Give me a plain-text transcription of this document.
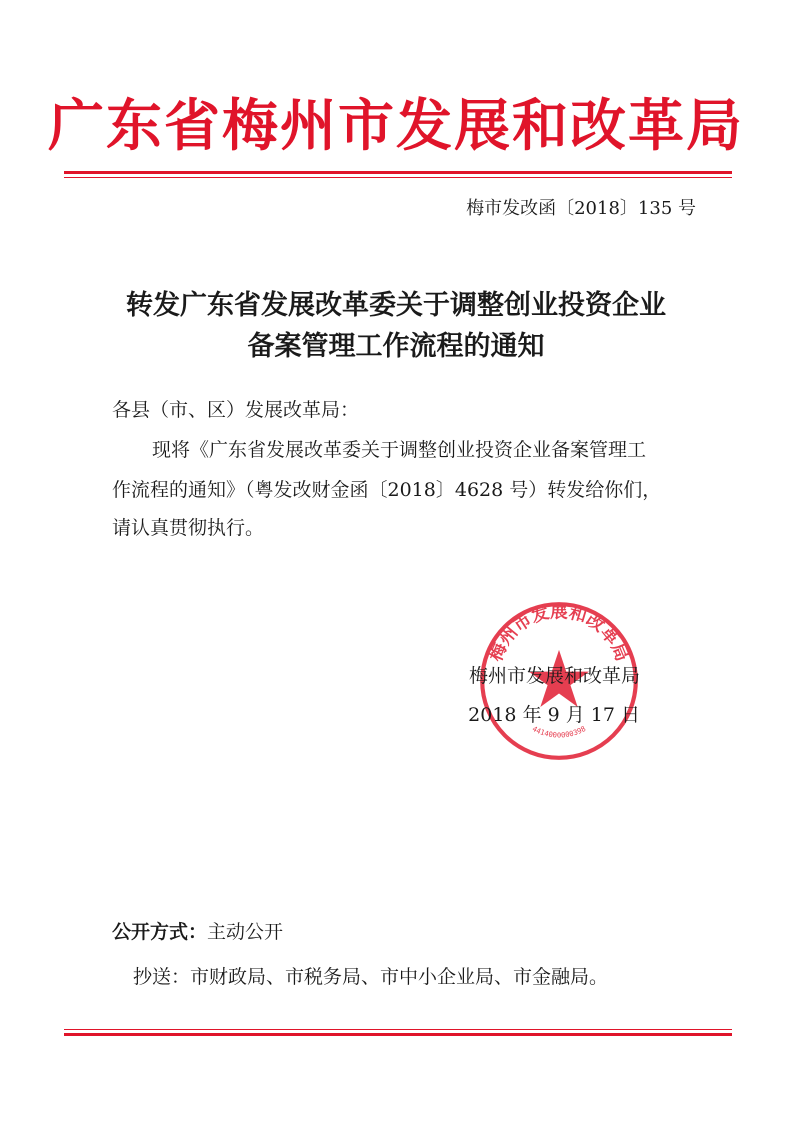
广东省梅州市发展和改革局
梅市发改函〔2018〕135 号
转发广东省发展改革委关于调整创业投资企业
备案管理工作流程的通知
各县（市、区）发展改革局：
现将《广东省发展改革委关于调整创业投资企业备案管理工
作流程的通知》（粤发改财金函〔2018〕4628 号）转发给你们，
请认真贯彻执行。
梅州市发展和改革局
4414000000398
梅州市发展和改革局
2018 年 9 月 17 日
公开方式：主动公开
抄送：市财政局、市税务局、市中小企业局、市金融局。
